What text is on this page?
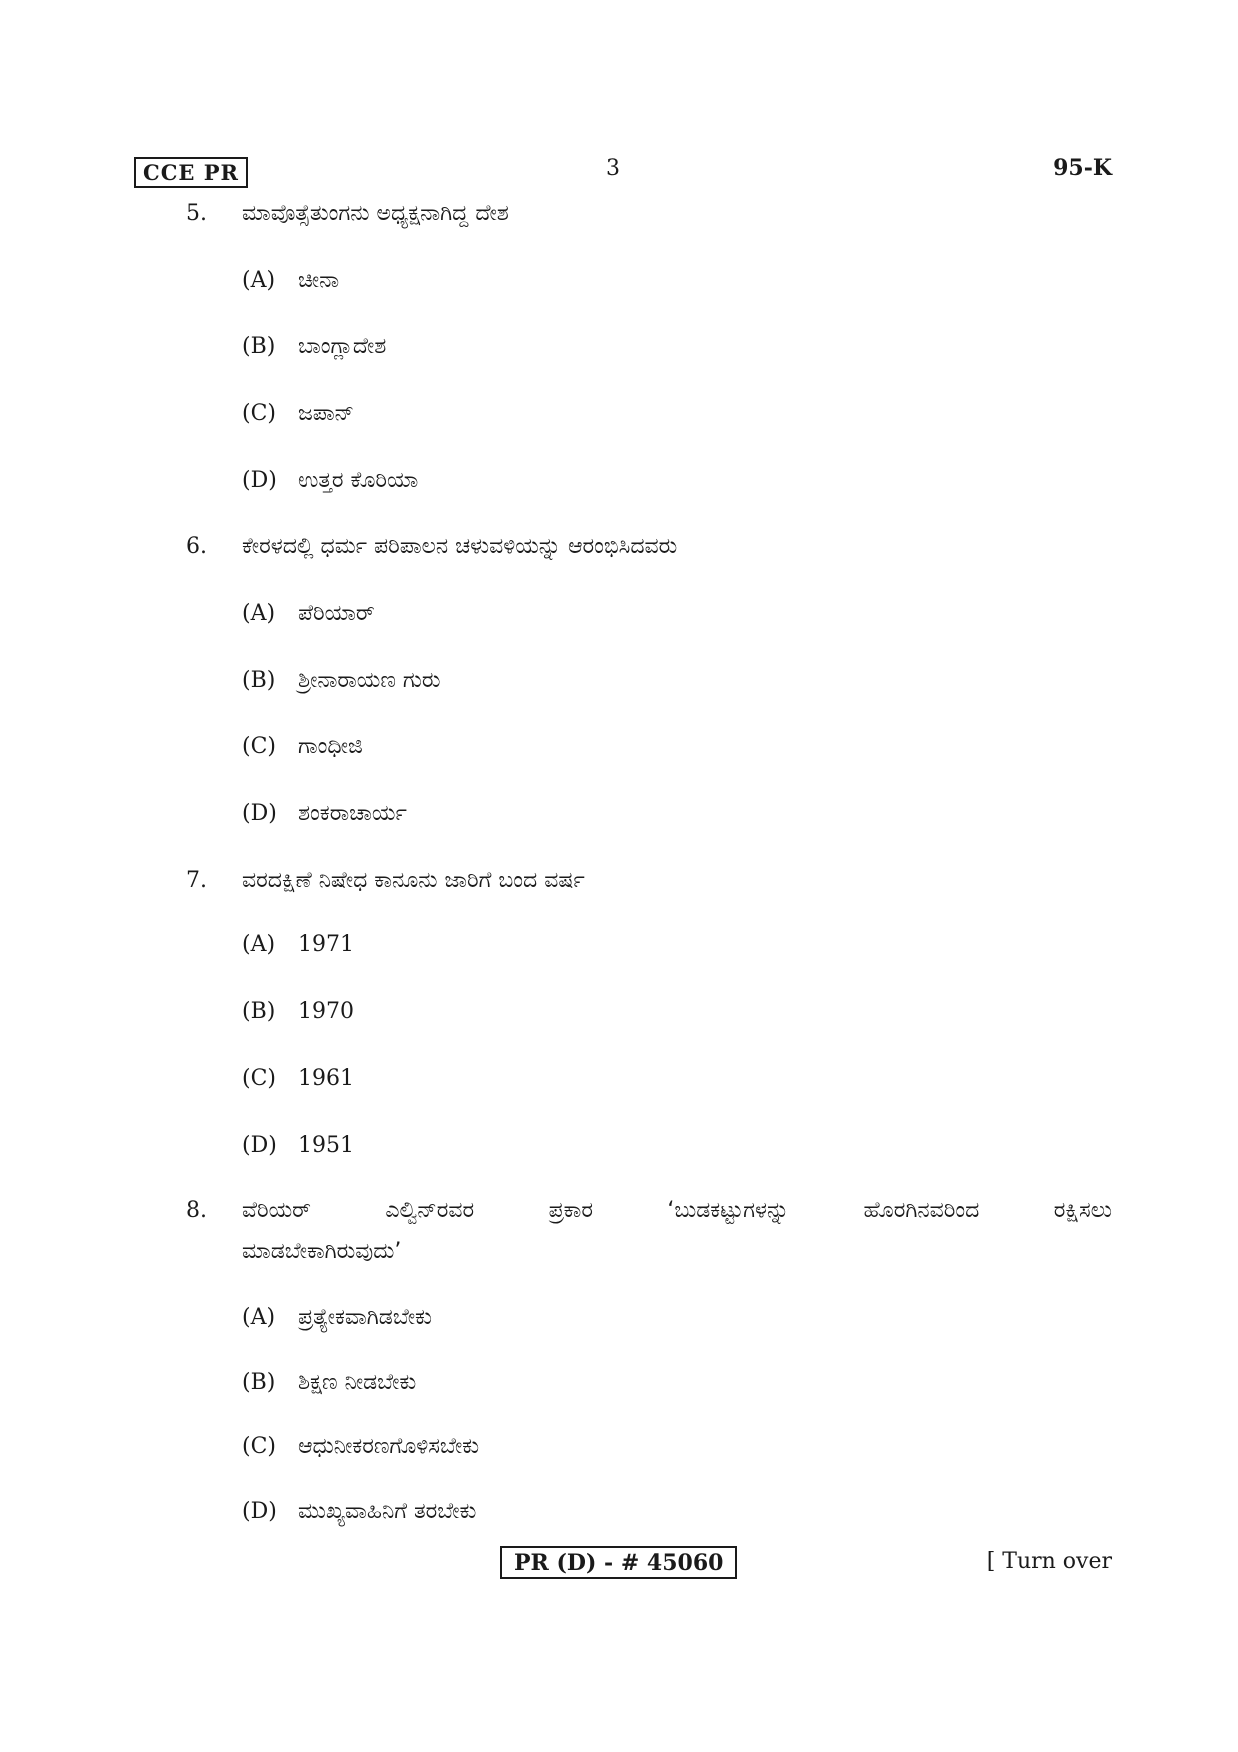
CCE PR	3	95-K
5. ಮಾವೊತ್ಸೆತುಂಗನು ಅಧ್ಯಕ್ಷನಾಗಿದ್ದ ದೇಶ
(A) ಚೀನಾ
(B) ಬಾಂಗ್ಲಾದೇಶ
(C) ಜಪಾನ್
(D) ಉತ್ತರ ಕೊರಿಯಾ
6. ಕೇರಳದಲ್ಲಿ ಧರ್ಮ ಪರಿಪಾಲನ ಚಳುವಳಿಯನ್ನು ಆರಂಭಿಸಿದವರು
(A) ಪೆರಿಯಾರ್
(B) ಶ್ರೀನಾರಾಯಣ ಗುರು
(C) ಗಾಂಧೀಜಿ
(D) ಶಂಕರಾಚಾರ್ಯ
7. ವರದಕ್ಷಿಣೆ ನಿಷೇಧ ಕಾನೂನು ಜಾರಿಗೆ ಬಂದ ವರ್ಷ
(A) 1971
(B) 1970
(C) 1961
(D) 1951
8. ವೆರಿಯರ್ ಎಲ್ವಿನ್‌ರವರ ಪ್ರಕಾರ ‘ಬುಡಕಟ್ಟುಗಳನ್ನು ಹೊರಗಿನವರಿಂದ ರಕ್ಷಿಸಲು
ಮಾಡಬೇಕಾಗಿರುವುದು’
(A) ಪ್ರತ್ಯೇಕವಾಗಿಡಬೇಕು
(B) ಶಿಕ್ಷಣ ನೀಡಬೇಕು
(C) ಆಧುನೀಕರಣಗೊಳಿಸಬೇಕು
(D) ಮುಖ್ಯವಾಹಿನಿಗೆ ತರಬೇಕು
PR (D) - # 45060	[ Turn over
